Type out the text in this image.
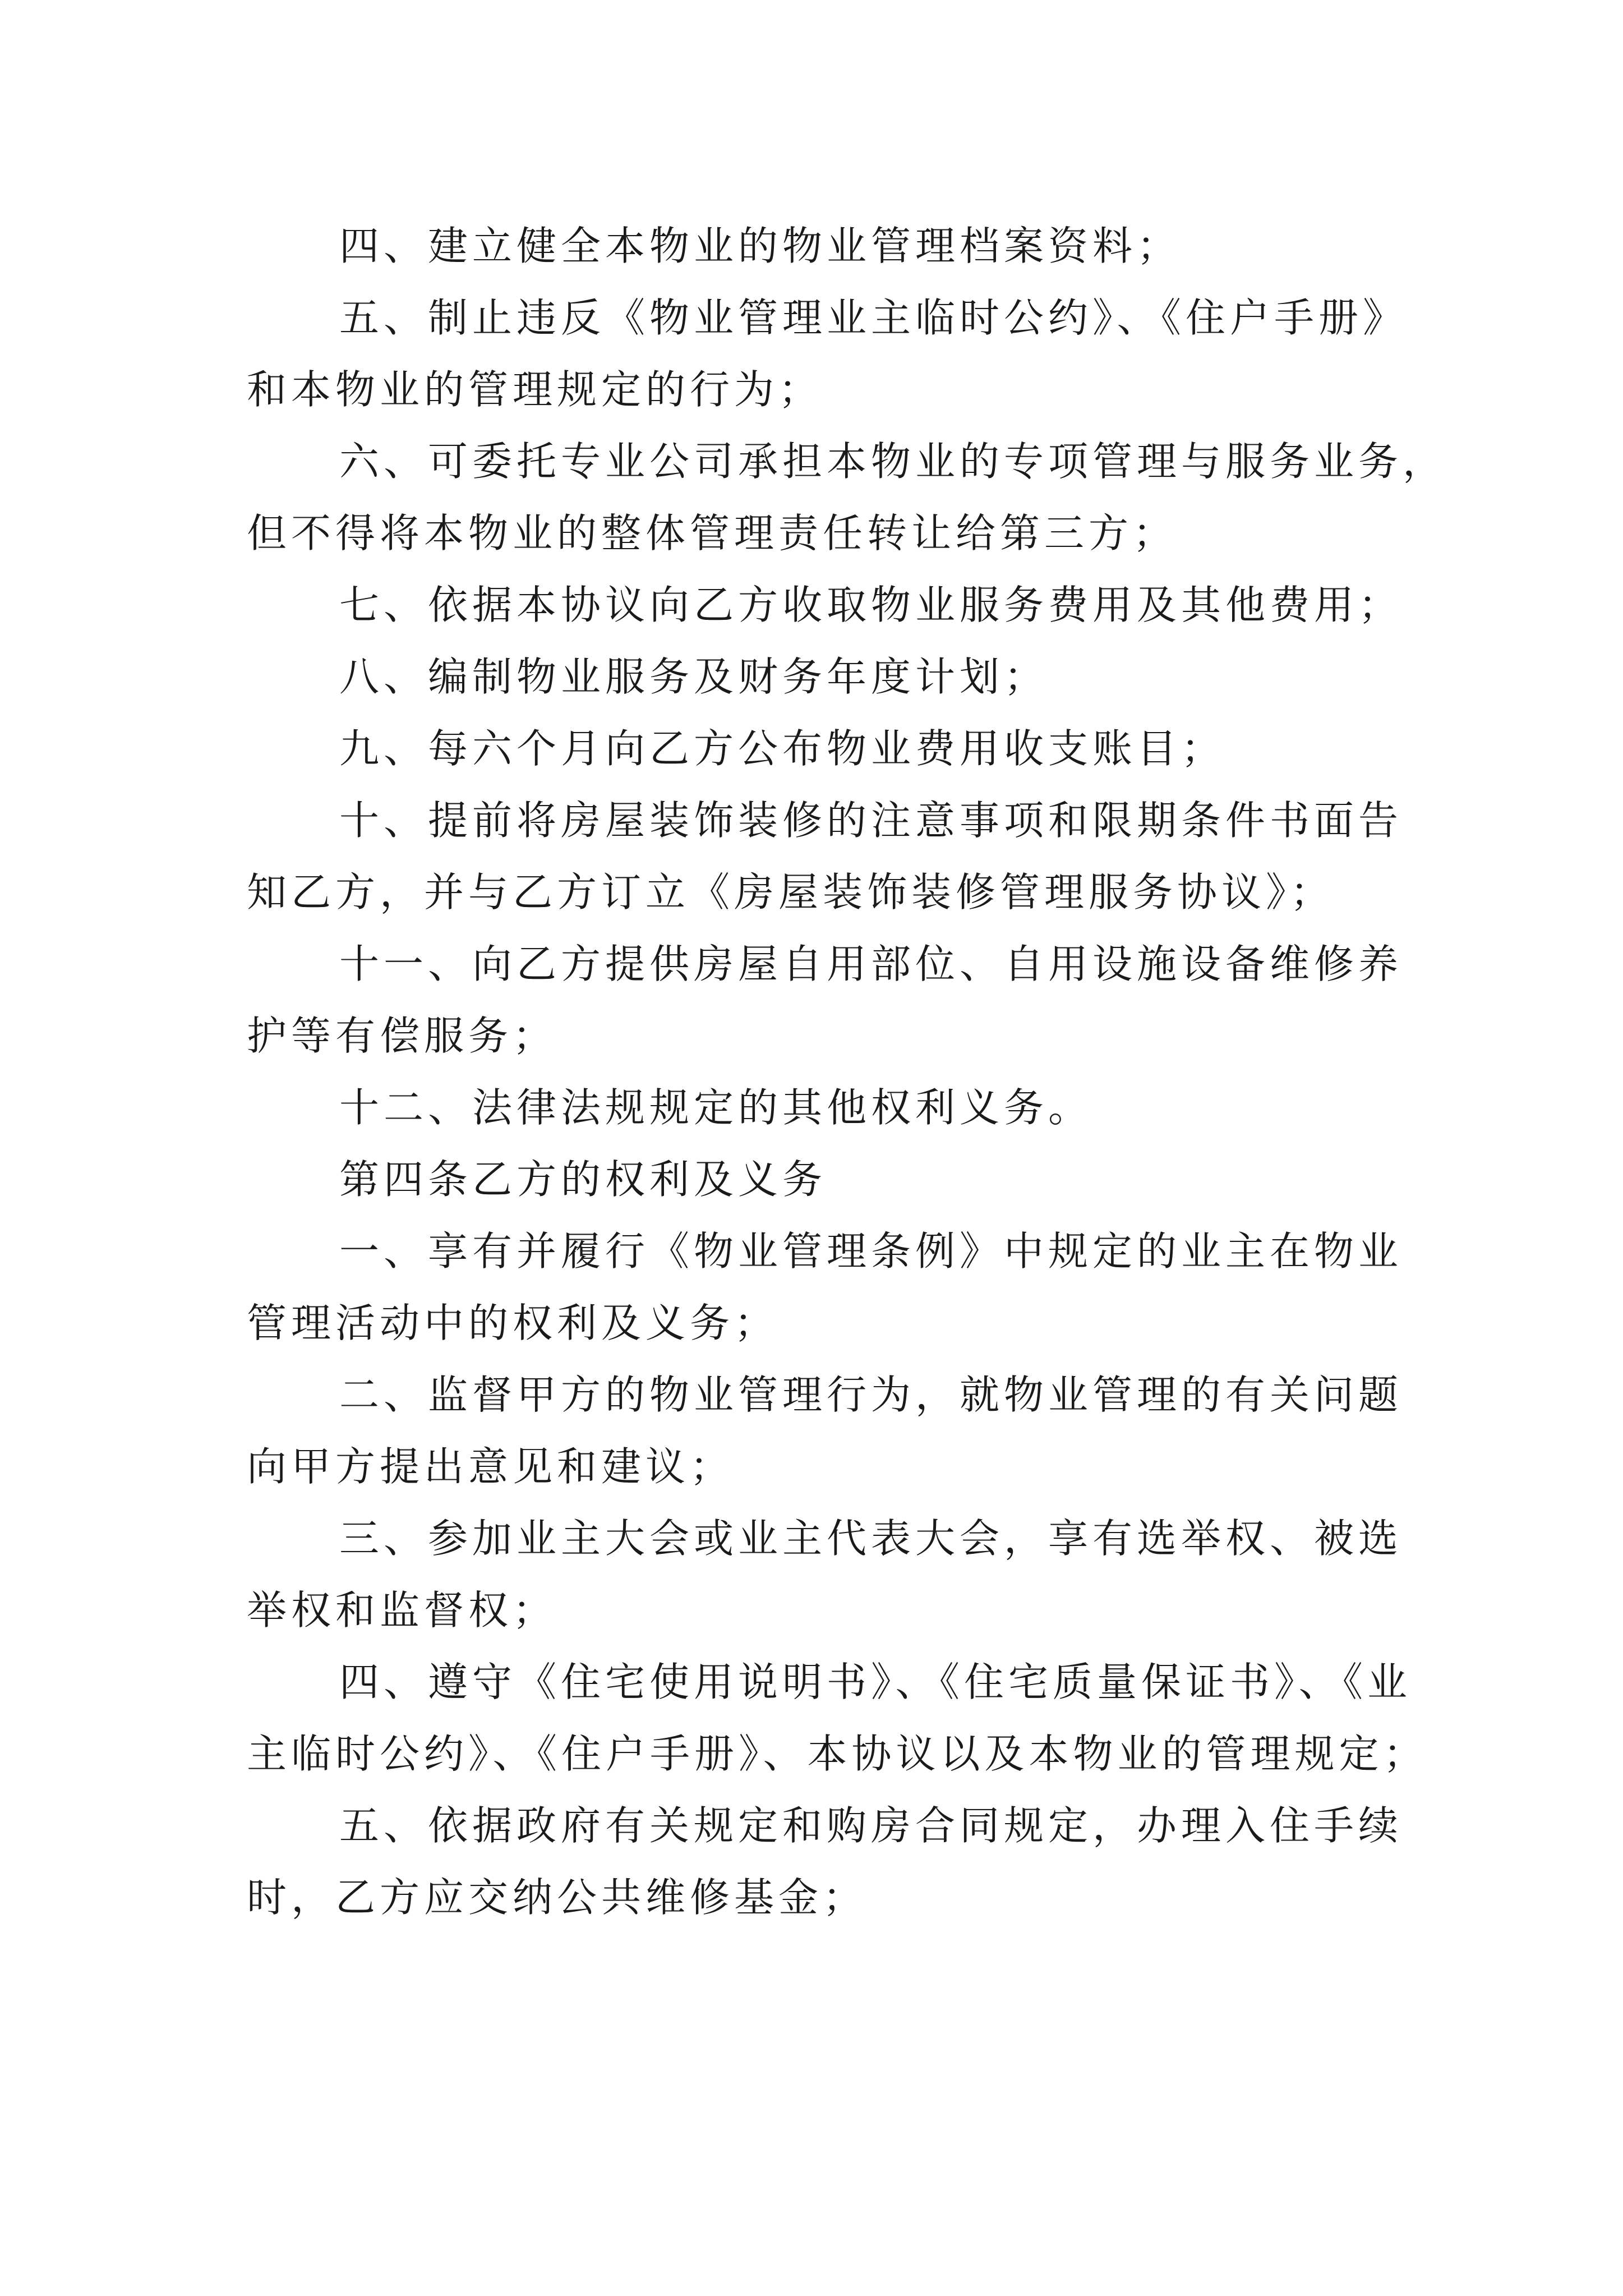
四、建立健全本物业的物业管理档案资料；

五、制止违反《物业管理业主临时公约》、《住户手册》
和本物业的管理规定的行为；

六、可委托专业公司承担本物业的专项管理与服务业务，
但不得将本物业的整体管理责任转让给第三方；

七、依据本协议向乙方收取物业服务费用及其他费用；

八、编制物业服务及财务年度计划；

九、每六个月向乙方公布物业费用收支账目；

十、提前将房屋装饰装修的注意事项和限期条件书面告
知乙方，并与乙方订立《房屋装饰装修管理服务协议》；

十一、向乙方提供房屋自用部位、自用设施设备维修养
护等有偿服务；

十二、法律法规规定的其他权利义务。

第四条乙方的权利及义务

一、享有并履行《物业管理条例》中规定的业主在物业
管理活动中的权利及义务；

二、监督甲方的物业管理行为，就物业管理的有关问题
向甲方提出意见和建议；

三、参加业主大会或业主代表大会，享有选举权、被选
举权和监督权；

四、遵守《住宅使用说明书》、《住宅质量保证书》、《业
主临时公约》、《住户手册》、本协议以及本物业的管理规定；

五、依据政府有关规定和购房合同规定，办理入住手续
时，乙方应交纳公共维修基金；
